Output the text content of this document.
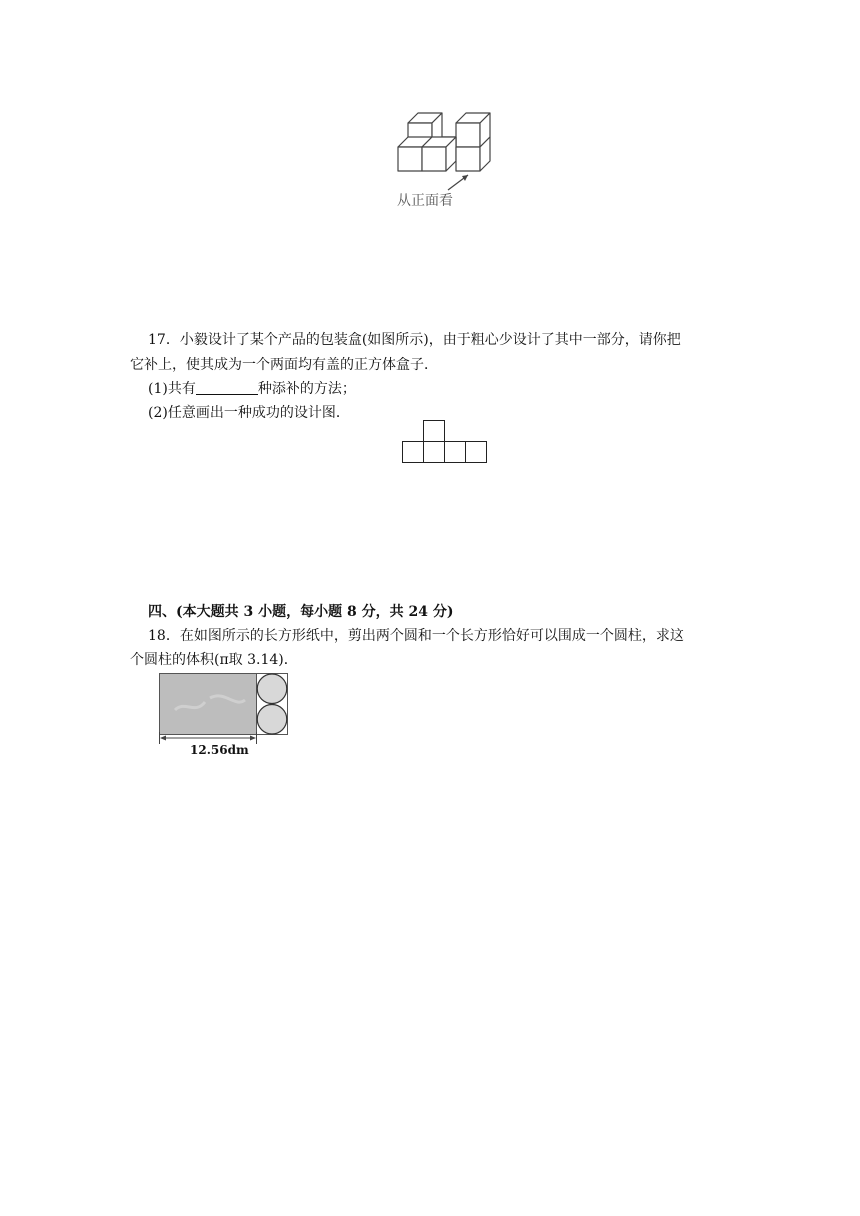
从正面看
17．小毅设计了某个产品的包装盒(如图所示)，由于粗心少设计了其中一部分，请你把
它补上，使其成为一个两面均有盖的正方体盒子．
(1)共有	种添补的方法；
(2)任意画出一种成功的设计图．
四、(本大题共 3 小题，每小题 8 分，共 24 分)
18．在如图所示的长方形纸中，剪出两个圆和一个长方形恰好可以围成一个圆柱，求这
个圆柱的体积(π取 3.14)．
12.56dm
